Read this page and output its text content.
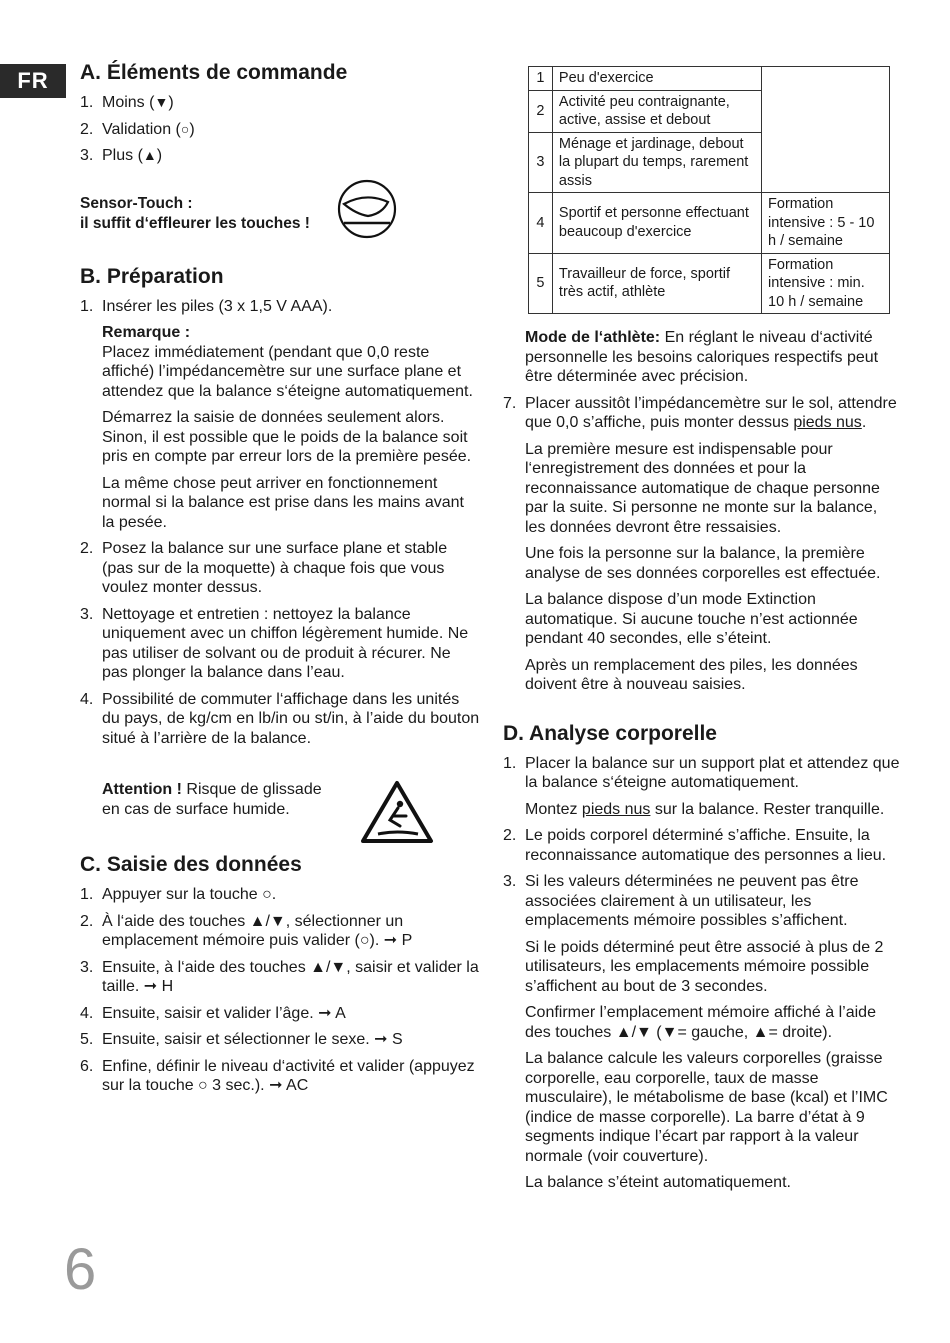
FR	A. Éléments de commande
1. Moins (▼)
2. Validation (○)
3. Plus (▲)
Sensor-Touch :
il suffit d‘effleurer les touches !
B. Préparation
1. Insérer les piles (3 x 1,5 V AAA).
Remarque :

Placez immédiatement (pendant que 0,0 reste affiché) l’impédancemètre sur une surface plane et attendez que la balance s‘éteigne automatiquement.

Démarrez la saisie de données seulement alors. Sinon, il est possible que le poids de la balance soit pris en compte par erreur lors de la première pesée.

La même chose peut arriver en fonctionnement normal si la balance est prise dans les mains avant la pesée.

2. Posez la balance sur une surface plane et stable (pas sur de la moquette) à chaque fois que vous voulez monter dessus.
3. Nettoyage et entretien : nettoyez la balance uniquement avec un chiffon légèrement humide. Ne pas utiliser de solvant ou de produit à récurer. Ne pas plonger la balance dans l’eau.
4. Possibilité de commuter l‘affichage dans les unités du pays, de kg/cm en lb/in ou st/in, à l’aide du bouton situé à l’arrière de la balance.
Attention ! Risque de glissade en cas de surface humide.
C. Saisie des données
1. Appuyer sur la touche ○.
2. À l‘aide des touches ▲/▼, sélectionner un emplacement mémoire puis valider (○). ➞ P
3. Ensuite, à l‘aide des touches ▲/▼, saisir et valider la taille. ➞ H
4. Ensuite, saisir et valider l’âge. ➞ A
5. Ensuite, saisir et sélectionner le sexe. ➞ S
6. Enfine, définir le niveau d‘activité et valider (appuyez sur la touche ○ 3 sec.). ➞ AC
1	Peu d'exercice	
2	Activité peu contraignante, active, assise et debout	
3	Ménage et jardinage, debout la plupart du temps, rarement assis	
4	Sportif et personne effectuant beaucoup d'exercice	Formation intensive : 5 - 10 h / semaine
5	Travailleur de force, sportif très actif, athlète	Formation intensive : min. 10 h / semaine
Mode de l‘athlète: En réglant le niveau d‘activité personnelle les besoins caloriques respectifs peut être déterminée avec précision.
7. Placer aussitôt l’impédancemètre sur le sol, attendre que 0,0 s’affiche, puis monter dessus pieds nus.

La première mesure est indispensable pour l‘enregistrement des données et pour la reconnaissance automatique de chaque personne par la suite. Si personne ne monte sur la balance, les données devront être ressaisies.

Une fois la personne sur la balance, la première analyse de ses données corporelles est effectuée.

La balance dispose d’un mode Extinction automatique. Si aucune touche n’est actionnée pendant 40 secondes, elle s’éteint.

Après un remplacement des piles, les données doivent être à nouveau saisies.

D. Analyse corporelle
1. Placer la balance sur un support plat et attendez que la balance s‘éteigne automatiquement.

Montez pieds nus sur la balance. Rester tranquille.

2. Le poids corporel déterminé s’affiche. Ensuite, la reconnaissance automatique des personnes a lieu.
3. Si les valeurs déterminées ne peuvent pas être associées clairement à un utilisateur, les emplacements mémoire possibles s’affichent.

Si le poids déterminé peut être associé à plus de 2 utilisateurs, les emplacements mémoire possible s’affichent au bout de 3 secondes.

Confirmer l’emplacement mémoire affiché à l’aide des touches ▲/▼ (▼= gauche, ▲= droite).

La balance calcule les valeurs corporelles (graisse corporelle, eau corporelle, taux de masse musculaire), le métabolisme de base (kcal) et l’IMC (indice de masse corporelle). La barre d’état à 9 segments indique l’écart par rapport à la valeur normale (voir couverture).

La balance s’éteint automatiquement.

6
